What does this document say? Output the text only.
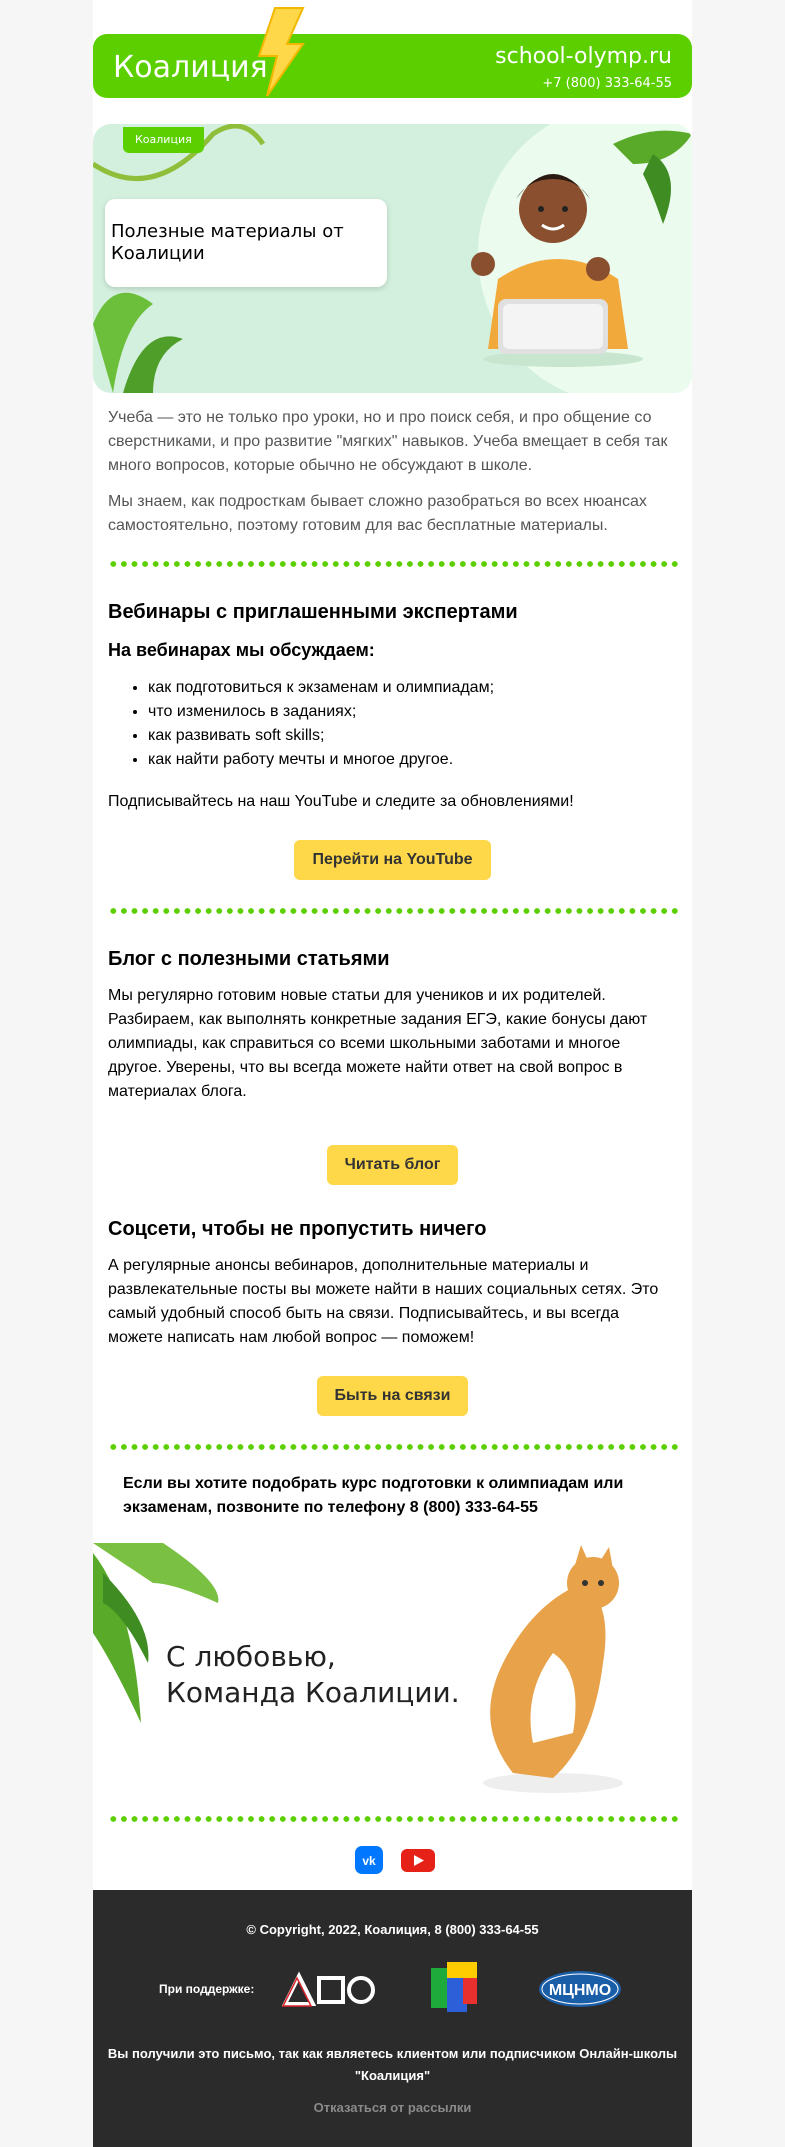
Коалиция	school-olymp.ru
+7 (800) 333-64-55
Коалиция
Полезные материалы от Коалиции
Учеба — это не только про уроки, но и про поиск себя, и про общение со сверстниками, и про развитие "мягких" навыков. Учеба вмещает в себя так много вопросов, которые обычно не обсуждают в школе.
Мы знаем, как подросткам бывает сложно разобраться во всех нюансах самостоятельно, поэтому готовим для вас бесплатные материалы.
Вебинары с приглашенными экспертами
На вебинарах мы обсуждаем:
• как подготовиться к экзаменам и олимпиадам;
• что изменилось в заданиях;
• как развивать soft skills;
• как найти работу мечты и многое другое.
Подписывайтесь на наш YouTube и следите за обновлениями!
Перейти на YouTube
Блог с полезными статьями
Мы регулярно готовим новые статьи для учеников и их родителей. Разбираем, как выполнять конкретные задания ЕГЭ, какие бонусы дают олимпиады, как справиться со всеми школьными заботами и многое другое. Уверены, что вы всегда можете найти ответ на свой вопрос в материалах блога.
Читать блог
Соцсети, чтобы не пропустить ничего
А регулярные анонсы вебинаров, дополнительные материалы и развлекательные посты вы можете найти в наших социальных сетях. Это самый удобный способ быть на связи. Подписывайтесь, и вы всегда можете написать нам любой вопрос — поможем!
Быть на связи
Если вы хотите подобрать курс подготовки к олимпиадам или экзаменам, позвоните по телефону 8 (800) 333-64-55
С любовью,
Команда Коалиции.
vk
© Copyright, 2022, Коалиция, 8 (800) 333-64-55
При поддержке:	МЦНМО
Вы получили это письмо, так как являетесь клиентом или подписчиком Онлайн-школы "Коалиция"
Отказаться от рассылки
